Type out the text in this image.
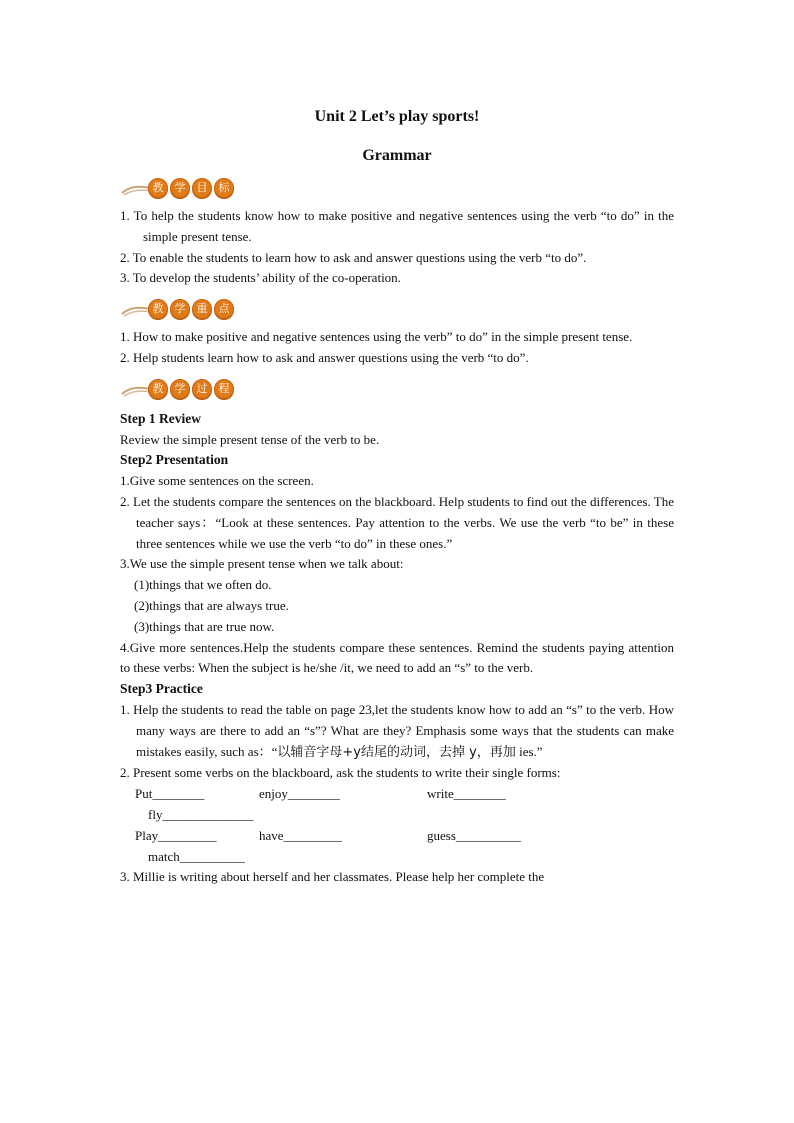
Unit 2 Let’s play sports!
Grammar
教	学	目	标

1. To help the students know how to make positive and negative sentences using the verb “to do” in the simple present tense.

2. To enable the students to learn how to ask and answer questions using the verb “to do”.

3. To develop the students’ ability of the co-operation.

教	学	重	点

1. How to make positive and negative sentences using the verb” to do” in the simple present tense.

2. Help students learn how to ask and answer questions using the verb “to do”.

教	学	过	程

Step 1 Review

Review the simple present tense of the verb to be.

Step2 Presentation

1.Give some sentences on the screen.

2. Let the students compare the sentences on the blackboard. Help students to find out the differences. The teacher says：“Look at these sentences. Pay attention to the verbs. We use the verb “to be” in these three sentences while we use the verb “to do” in these ones.”

3.We use the simple present tense when we talk about:

(1)things that we often do.

(2)things that are always true.

(3)things that are true now.

4.Give more sentences.Help the students compare these sentences. Remind the students paying attention to these verbs: When the subject is he/she /it, we need to add an “s” to the verb.

Step3 Practice

1. Help the students to read the table on page 23,let the students know how to add an “s” to the verb. How many ways are there to add an “s”? What are they? Emphasis some ways that the students can make mistakes easily, such as：“以辅音字母+y结尾的动词，去掉 y，再加 ies.”

2. Present some verbs on the blackboard, ask the students to write their single forms:

Put________	enjoy________	write________
fly______________
Play_________	have_________	guess__________
match__________

3. Millie is writing about herself and her classmates. Please help her complete the
